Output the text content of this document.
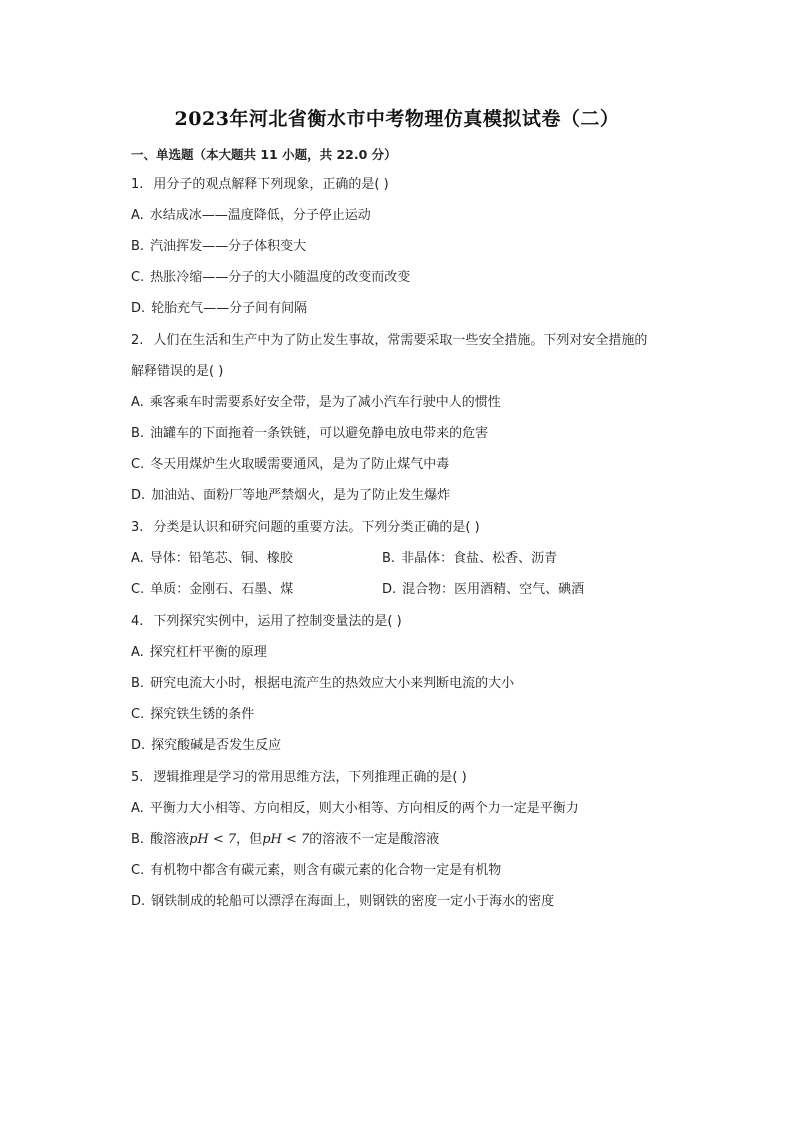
2023年河北省衡水市中考物理仿真模拟试卷（二）
一、单选题（本大题共 11 小题，共 22.0 分）
1. 用分子的观点解释下列现象，正确的是( )
A. 水结成冰——温度降低，分子停止运动
B. 汽油挥发——分子体积变大
C. 热胀冷缩——分子的大小随温度的改变而改变
D. 轮胎充气——分子间有间隔
2. 人们在生活和生产中为了防止发生事故，常需要采取一些安全措施。下列对安全措施的
解释错误的是( )
A. 乘客乘车时需要系好安全带，是为了减小汽车行驶中人的惯性
B. 油罐车的下面拖着一条铁链，可以避免静电放电带来的危害
C. 冬天用煤炉生火取暖需要通风，是为了防止煤气中毒
D. 加油站、面粉厂等地严禁烟火，是为了防止发生爆炸
3. 分类是认识和研究问题的重要方法。下列分类正确的是( )
A. 导体：铅笔芯、铜、橡胶	B. 非晶体：食盐、松香、沥青
C. 单质：金刚石、石墨、煤	D. 混合物：医用酒精、空气、碘酒
4. 下列探究实例中，运用了控制变量法的是( )
A. 探究杠杆平衡的原理
B. 研究电流大小时，根据电流产生的热效应大小来判断电流的大小
C. 探究铁生锈的条件
D. 探究酸碱是否发生反应
5. 逻辑推理是学习的常用思维方法，下列推理正确的是( )
A. 平衡力大小相等、方向相反，则大小相等、方向相反的两个力一定是平衡力
B. 酸溶液pH < 7，但pH < 7的溶液不一定是酸溶液
C. 有机物中都含有碳元素，则含有碳元素的化合物一定是有机物
D. 钢铁制成的轮船可以漂浮在海面上，则钢铁的密度一定小于海水的密度
